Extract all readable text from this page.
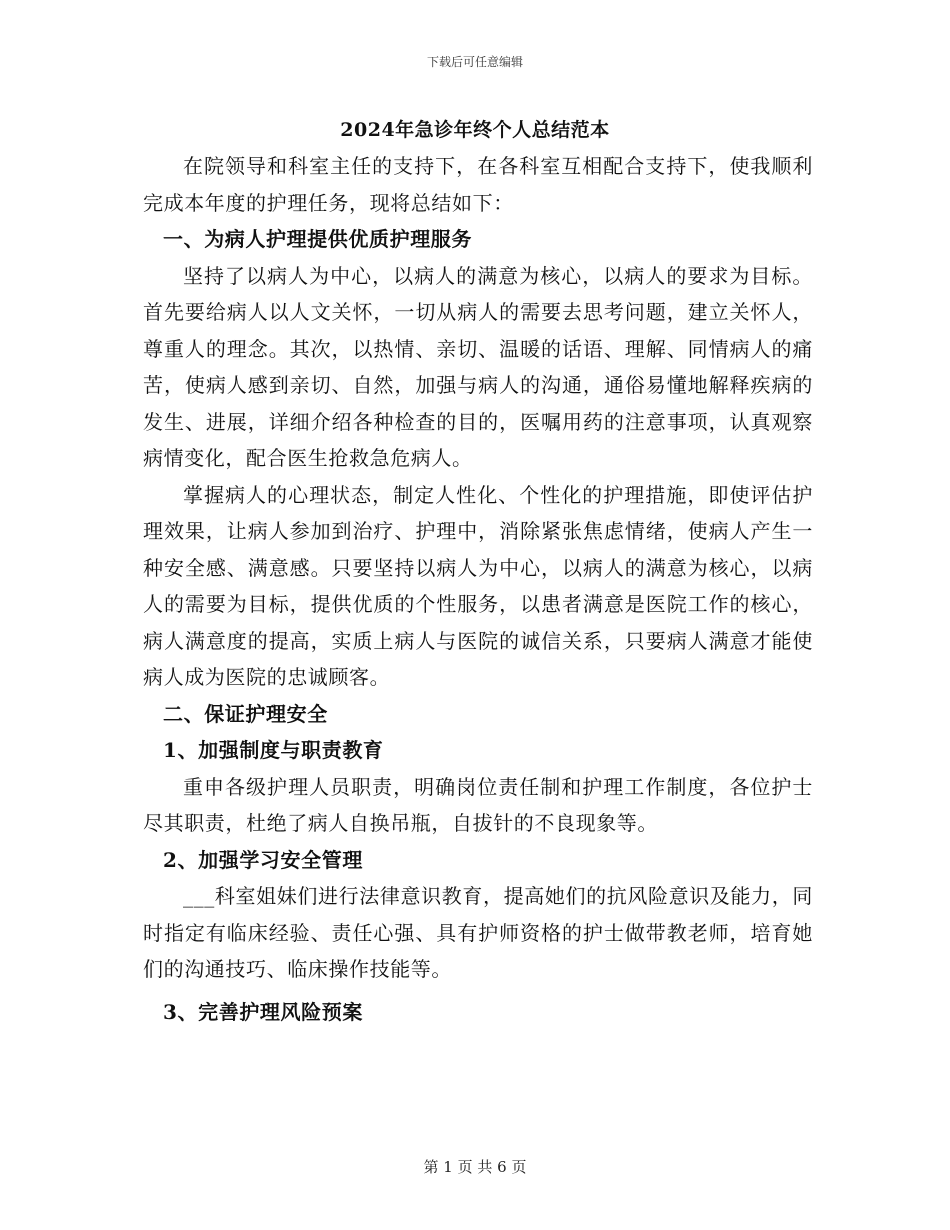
下载后可任意编辑
2024年急诊年终个人总结范本

在院领导和科室主任的支持下，在各科室互相配合支持下，使我顺利完成本年度的护理任务，现将总结如下：

一、为病人护理提供优质护理服务

坚持了以病人为中心，以病人的满意为核心，以病人的要求为目标。首先要给病人以人文关怀，一切从病人的需要去思考问题，建立关怀人，尊重人的理念。其次，以热情、亲切、温暖的话语、理解、同情病人的痛苦，使病人感到亲切、自然，加强与病人的沟通，通俗易懂地解释疾病的发生、进展，详细介绍各种检查的目的，医嘱用药的注意事项，认真观察病情变化，配合医生抢救急危病人。

掌握病人的心理状态，制定人性化、个性化的护理措施，即使评估护理效果，让病人参加到治疗、护理中，消除紧张焦虑情绪，使病人产生一种安全感、满意感。只要坚持以病人为中心，以病人的满意为核心，以病人的需要为目标，提供优质的个性服务，以患者满意是医院工作的核心，病人满意度的提高，实质上病人与医院的诚信关系，只要病人满意才能使病人成为医院的忠诚顾客。

二、保证护理安全
1、加强制度与职责教育

重申各级护理人员职责，明确岗位责任制和护理工作制度，各位护士尽其职责，杜绝了病人自换吊瓶，自拔针的不良现象等。

2、加强学习安全管理

___科室姐妹们进行法律意识教育，提高她们的抗风险意识及能力，同时指定有临床经验、责任心强、具有护师资格的护士做带教老师，培育她们的沟通技巧、临床操作技能等。

3、完善护理风险预案
第 1 页 共 6 页
